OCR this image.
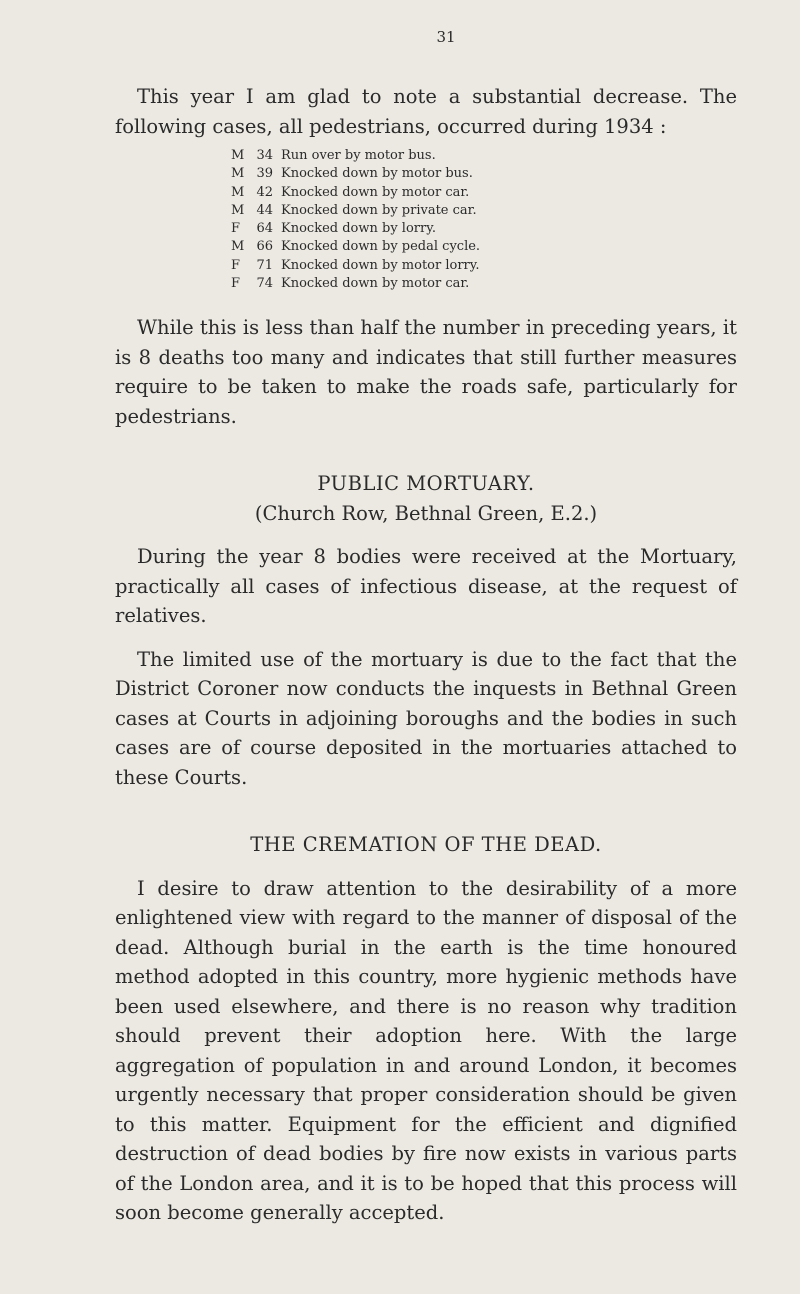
31

This year I am glad to note a substantial decrease. The following cases, all pedestrians, occurred during 1934 :

M 34 Run over by motor bus.
M 39 Knocked down by motor bus.
M 42 Knocked down by motor car.
M 44 Knocked down by private car.
F	64 Knocked down by lorry.
M 66 Knocked down by pedal cycle.
F	71 Knocked down by motor lorry.
F	74 Knocked down by motor car.

While this is less than half the number in preceding years, it is 8 deaths too many and indicates that still further measures require to be taken to make the roads safe, particularly for pedestrians.

PUBLIC MORTUARY.

(Church Row, Bethnal Green, E.2.)

During the year 8 bodies were received at the Mortuary, practically all cases of infectious disease, at the request of relatives.

The limited use of the mortuary is due to the fact that the District Coroner now conducts the inquests in Bethnal Green cases at Courts in adjoining boroughs and the bodies in such cases are of course deposited in the mortuaries attached to these Courts.

THE CREMATION OF THE DEAD.

I desire to draw attention to the desirability of a more enlightened view with regard to the manner of disposal of the dead. Although burial in the earth is the time honoured method adopted in this country, more hygienic methods have been used elsewhere, and there is no reason why tradition should prevent their adoption here. With the large aggregation of population in and around London, it becomes urgently necessary that proper consideration should be given to this matter. Equipment for the efficient and dignified destruction of dead bodies by fire now exists in various parts of the London area, and it is to be hoped that this process will soon become generally accepted.
